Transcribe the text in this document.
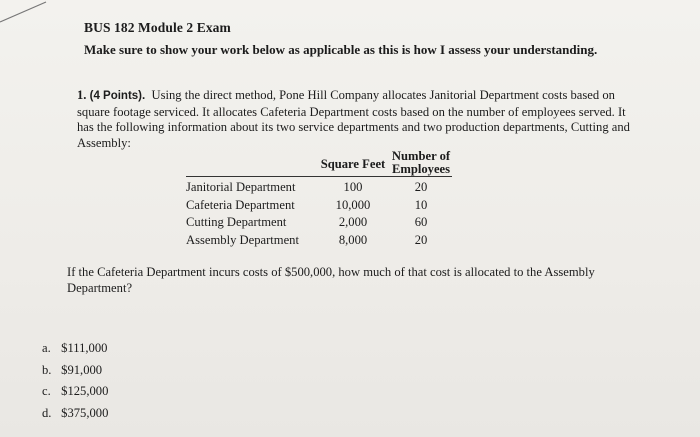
BUS 182 Module 2 Exam
Make sure to show your work below as applicable as this is how I assess your understanding.
1. (4 Points). Using the direct method, Pone Hill Company allocates Janitorial Department costs based on square footage serviced. It allocates Cafeteria Department costs based on the number of employees served. It has the following information about its two service departments and two production departments, Cutting and Assembly:
	Square Feet	Number of
Employees
Janitorial Department	100	20
Cafeteria Department	10,000	10
Cutting Department	2,000	60
Assembly Department	8,000	20
If the Cafeteria Department incurs costs of $500,000, how much of that cost is allocated to the Assembly Department?
a. $111,000
b. $91,000
c. $125,000
d. $375,000
